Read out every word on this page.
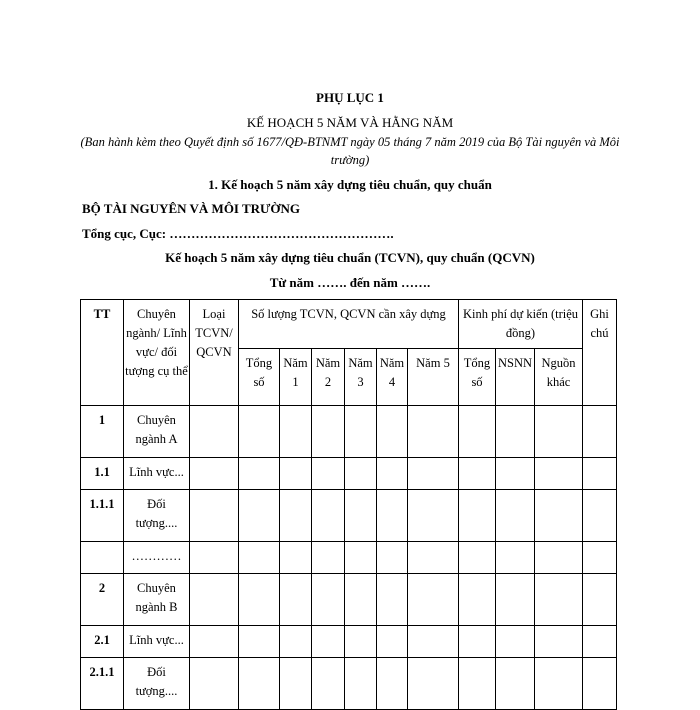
PHỤ LỤC 1
KẾ HOẠCH 5 NĂM VÀ HẰNG NĂM
(Ban hành kèm theo Quyết định số 1677/QĐ-BTNMT ngày 05 tháng 7 năm 2019 của Bộ Tài nguyên và Môi trường)
1. Kế hoạch 5 năm xây dựng tiêu chuẩn, quy chuẩn
BỘ TÀI NGUYÊN VÀ MÔI TRƯỜNG
Tổng cục, Cục: …………………………………………….
Kế hoạch 5 năm xây dựng tiêu chuẩn (TCVN), quy chuẩn (QCVN)
Từ năm ……. đến năm …….
TT	Chuyên ngành/ Lĩnh vực/ đối tượng cụ thể	Loại TCVN/ QCVN	Số lượng TCVN, QCVN cần xây dựng						Kinh phí dự kiến (triệu đồng)			Ghi chú
			Tổng số	Năm 1	Năm 2	Năm 3	Năm 4	Năm 5	Tổng số	NSNN	Nguồn khác	
1	Chuyên ngành A											
1.1	Lĩnh vực...											
1.1.1	Đối tượng....											
	…………											
2	Chuyên ngành B											
2.1	Lĩnh vực...											
2.1.1	Đối tượng....											
